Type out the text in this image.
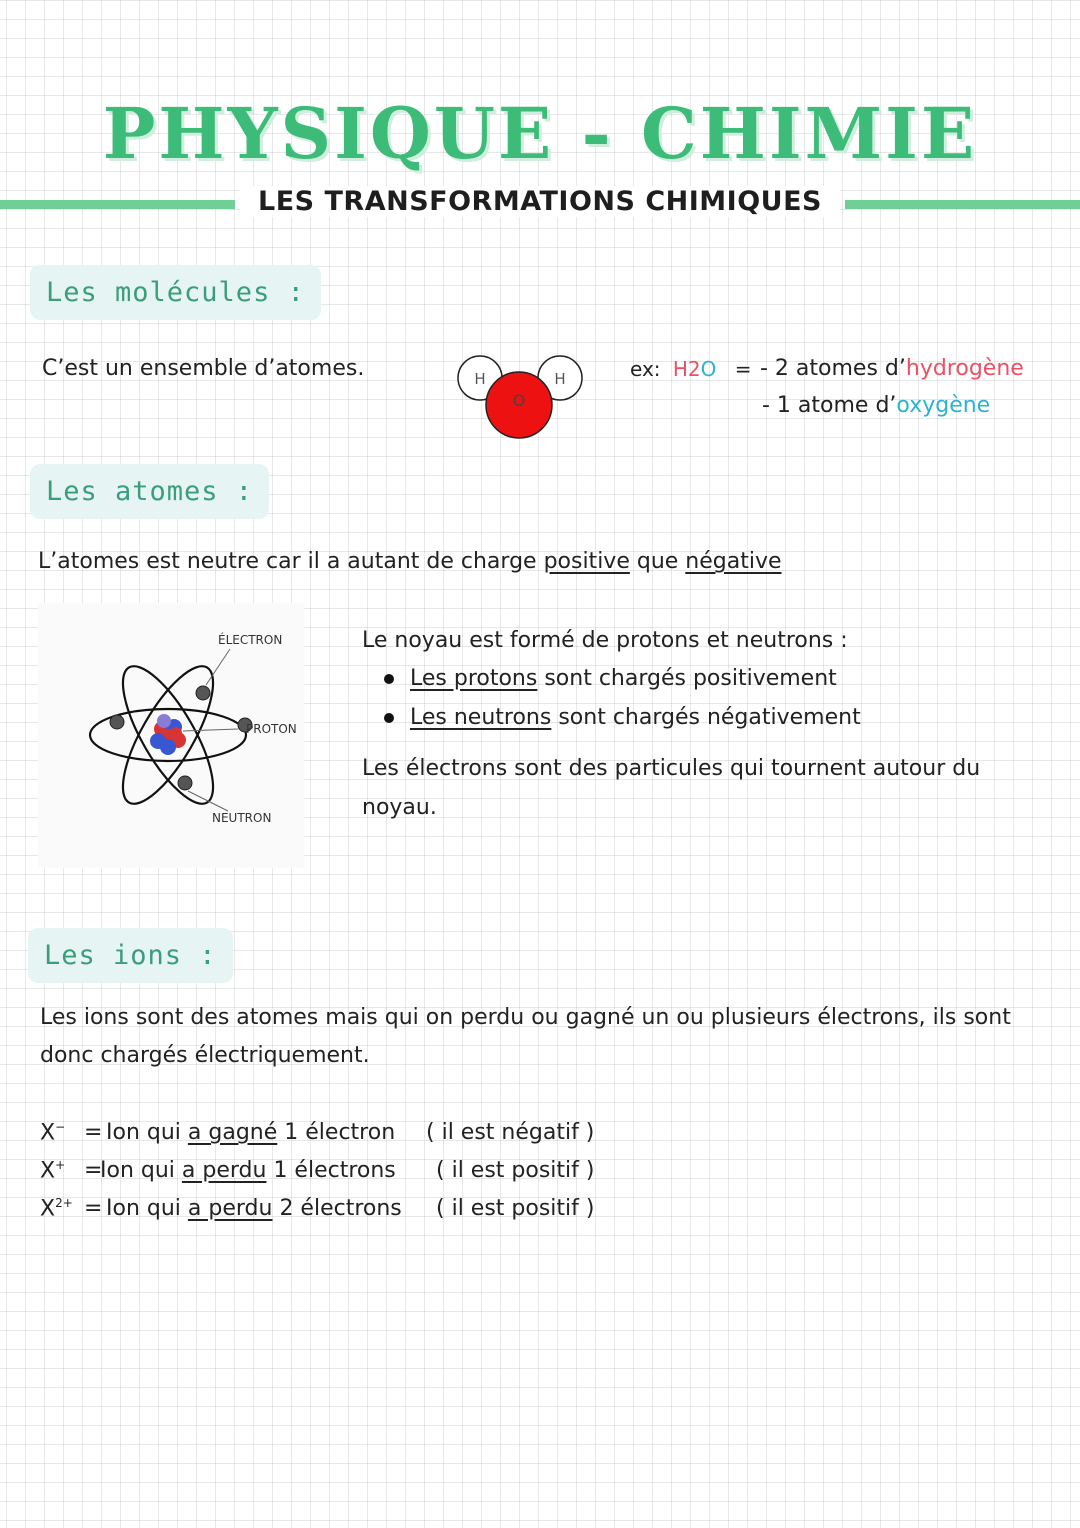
PHYSIQUE - CHIMIE
LES TRANSFORMATIONS CHIMIQUES
Les molécules :
C’est un ensemble d’atomes.	H	H
O
ex: H2O = - 2 atomes d’hydrogène
- 1 atome d’oxygène
Les atomes :
L’atomes est neutre car il a autant de charge positive que négative
ÉLECTRON
PROTON
NEUTRON
Le noyau est formé de protons et neutrons :
Les protons sont chargés positivement
Les neutrons sont chargés négativement
Les électrons sont des particules qui tournent autour du
noyau.
Les ions :
Les ions sont des atomes mais qui on perdu ou gagné un ou plusieurs électrons, ils sont
donc chargés électriquement.
X− = Ion qui a gagné 1 électron ( il est négatif )
X+ =
Ion qui a perdu 1 électrons ( il est positif )
$X^{2+}$ = Ion qui a perdu 2 électrons ( il est positif )
